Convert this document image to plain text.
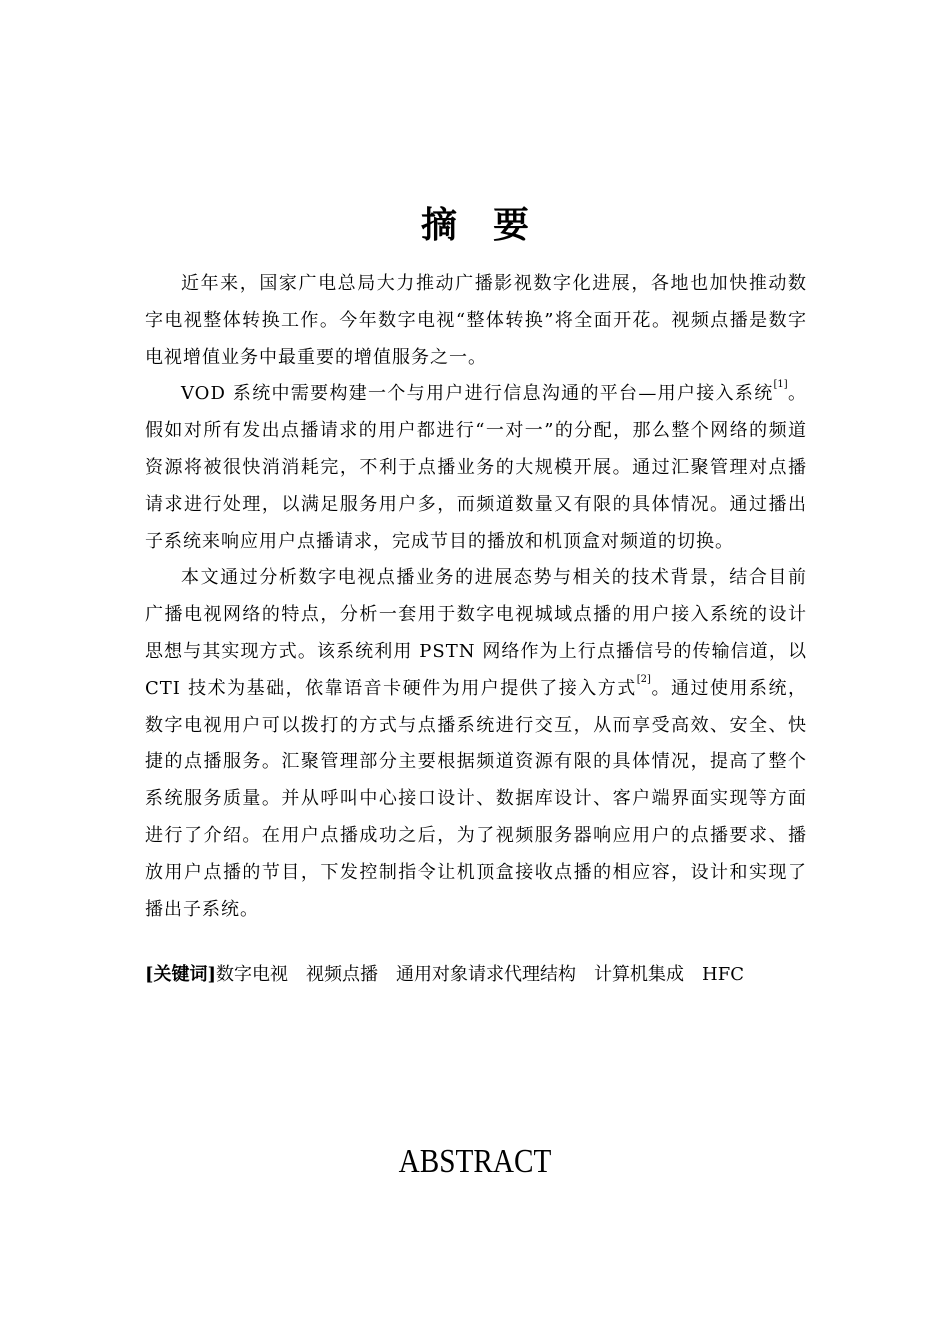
摘要

近年来，国家广电总局大力推动广播影视数字化进展，各地也加快推动数字电视整体转换工作。今年数字电视“整体转换”将全面开花。视频点播是数字电视增值业务中最重要的增值服务之一。

VOD 系统中需要构建一个与用户进行信息沟通的平台—用户接入系统[1]。假如对所有发出点播请求的用户都进行“一对一”的分配，那么整个网络的频道资源将被很快消消耗完，不利于点播业务的大规模开展。通过汇聚管理对点播请求进行处理，以满足服务用户多，而频道数量又有限的具体情况。通过播出子系统来响应用户点播请求，完成节目的播放和机顶盒对频道的切换。

本文通过分析数字电视点播业务的进展态势与相关的技术背景，结合目前广播电视网络的特点，分析一套用于数字电视城域点播的用户接入系统的设计思想与其实现方式。该系统利用 PSTN 网络作为上行点播信号的传输信道，以 CTI 技术为基础，依靠语音卡硬件为用户提供了接入方式[2]。通过使用系统，数字电视用户可以拨打的方式与点播系统进行交互，从而享受高效、安全、快捷的点播服务。汇聚管理部分主要根据频道资源有限的具体情况，提高了整个系统服务质量。并从呼叫中心接口设计、数据库设计、客户端界面实现等方面进行了介绍。在用户点播成功之后，为了视频服务器响应用户的点播要求、播放用户点播的节目，下发控制指令让机顶盒接收点播的相应容，设计和实现了播出子系统。

[关键词]数字电视 视频点播 通用对象请求代理结构 计算机集成 HFC
ABSTRACT
